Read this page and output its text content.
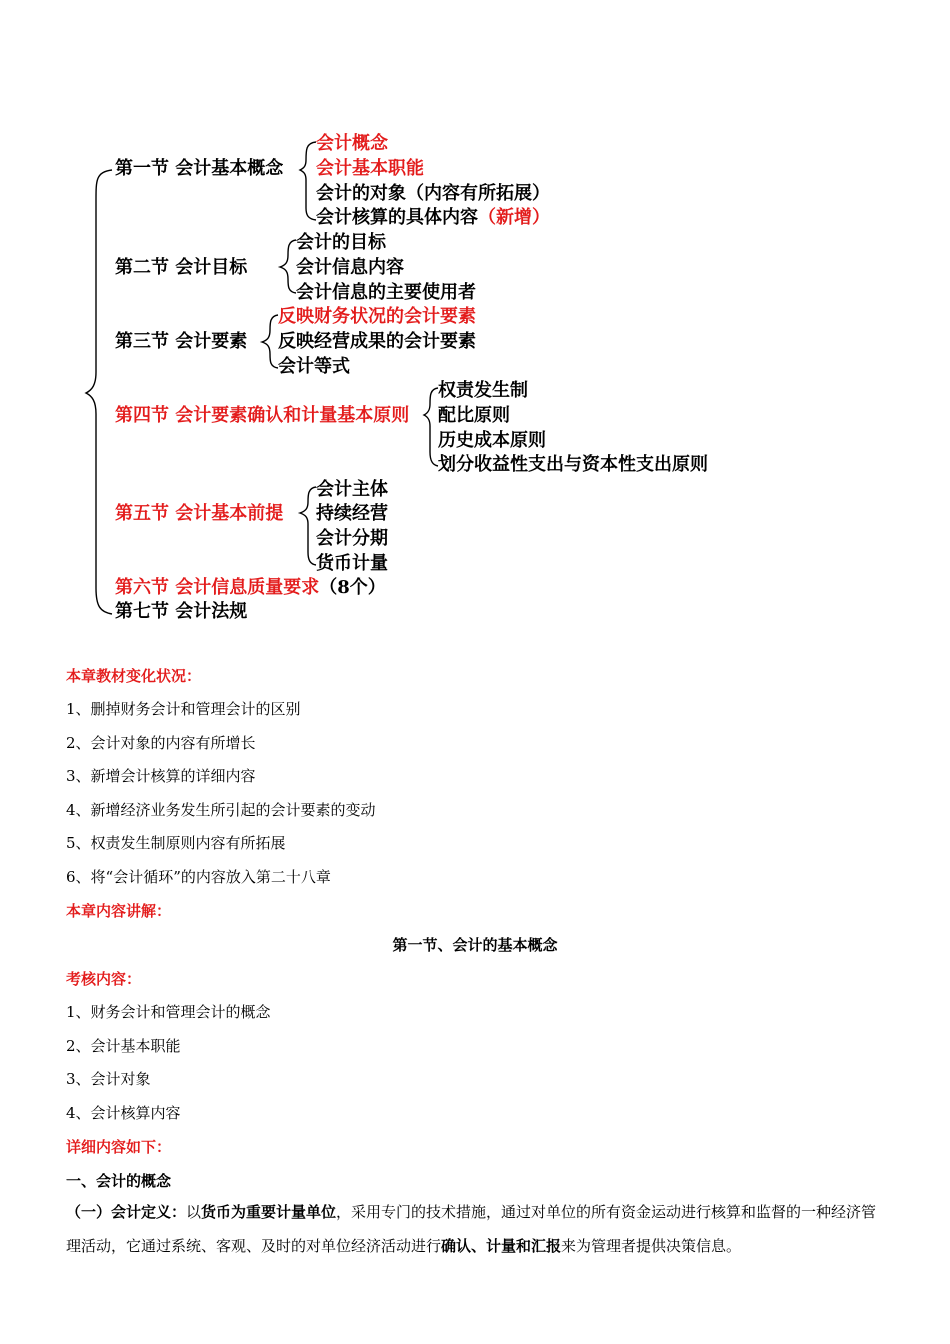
第一节 会计基本概念
第二节 会计目标
第三节 会计要素
第四节 会计要素确认和计量基本原则
第五节 会计基本前提
第六节 会计信息质量要求（8个）
第七节 会计法规
会计概念
会计基本职能
会计的对象（内容有所拓展）
会计核算的具体内容（新增）
会计的目标
会计信息内容
会计信息的主要使用者
反映财务状况的会计要素
反映经营成果的会计要素
会计等式
权责发生制
配比原则
历史成本原则
划分收益性支出与资本性支出原则
会计主体
持续经营
会计分期
货币计量
本章教材变化状况：
1、删掉财务会计和管理会计的区别
2、会计对象的内容有所增长
3、新增会计核算的详细内容
4、新增经济业务发生所引起的会计要素的变动
5、权责发生制原则内容有所拓展
6、将“会计循环”的内容放入第二十八章
本章内容讲解：
第一节、会计的基本概念
考核内容：
1、财务会计和管理会计的概念
2、会计基本职能
3、会计对象
4、会计核算内容
详细内容如下：
一、会计的概念
（一）会计定义：以货币为重要计量单位，采用专门的技术措施，通过对单位的所有资金运动进行核算和监督的一种经济管理活动，它通过系统、客观、及时的对单位经济活动进行确认、计量和汇报来为管理者提供决策信息。
